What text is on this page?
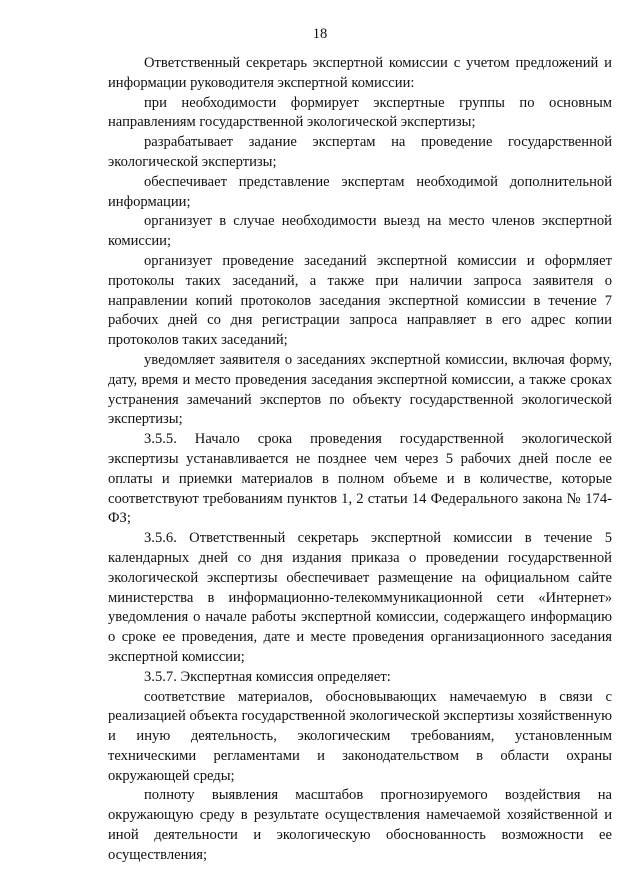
18

Ответственный секретарь экспертной комиссии с учетом предложений и информации руководителя экспертной комиссии:

при необходимости формирует экспертные группы по основным направлениям государственной экологической экспертизы;

разрабатывает задание экспертам на проведение государственной экологической экспертизы;

обеспечивает представление экспертам необходимой дополнительной информации;

организует в случае необходимости выезд на место членов экспертной комиссии;

организует проведение заседаний экспертной комиссии и оформляет протоколы таких заседаний, а также при наличии запроса заявителя о направлении копий протоколов заседания экспертной комиссии в течение 7 рабочих дней со дня регистрации запроса направляет в его адрес копии протоколов таких заседаний;

уведомляет заявителя о заседаниях экспертной комиссии, включая форму, дату, время и место проведения заседания экспертной комиссии, а также сроках устранения замечаний экспертов по объекту государственной экологической экспертизы;

3.5.5. Начало срока проведения государственной экологической экспертизы устанавливается не позднее чем через 5 рабочих дней после ее оплаты и приемки материалов в полном объеме и в количестве, которые соответствуют требованиям пунктов 1, 2 статьи 14 Федерального закона № 174-ФЗ;

3.5.6. Ответственный секретарь экспертной комиссии в течение 5 календарных дней со дня издания приказа о проведении государственной экологической экспертизы обеспечивает размещение на официальном сайте министерства в информационно-телекоммуникационной сети «Интернет» уведомления о начале работы экспертной комиссии, содержащего информацию о сроке ее проведения, дате и месте проведения организационного заседания экспертной комиссии;

3.5.7. Экспертная комиссия определяет:

соответствие материалов, обосновывающих намечаемую в связи с реализацией объекта государственной экологической экспертизы хозяйственную и иную деятельность, экологическим требованиям, установленным техническими регламентами и законодательством в области охраны окружающей среды;

полноту выявления масштабов прогнозируемого воздействия на окружающую среду в результате осуществления намечаемой хозяйственной и иной деятельности и экологическую обоснованность возможности ее осуществления;
